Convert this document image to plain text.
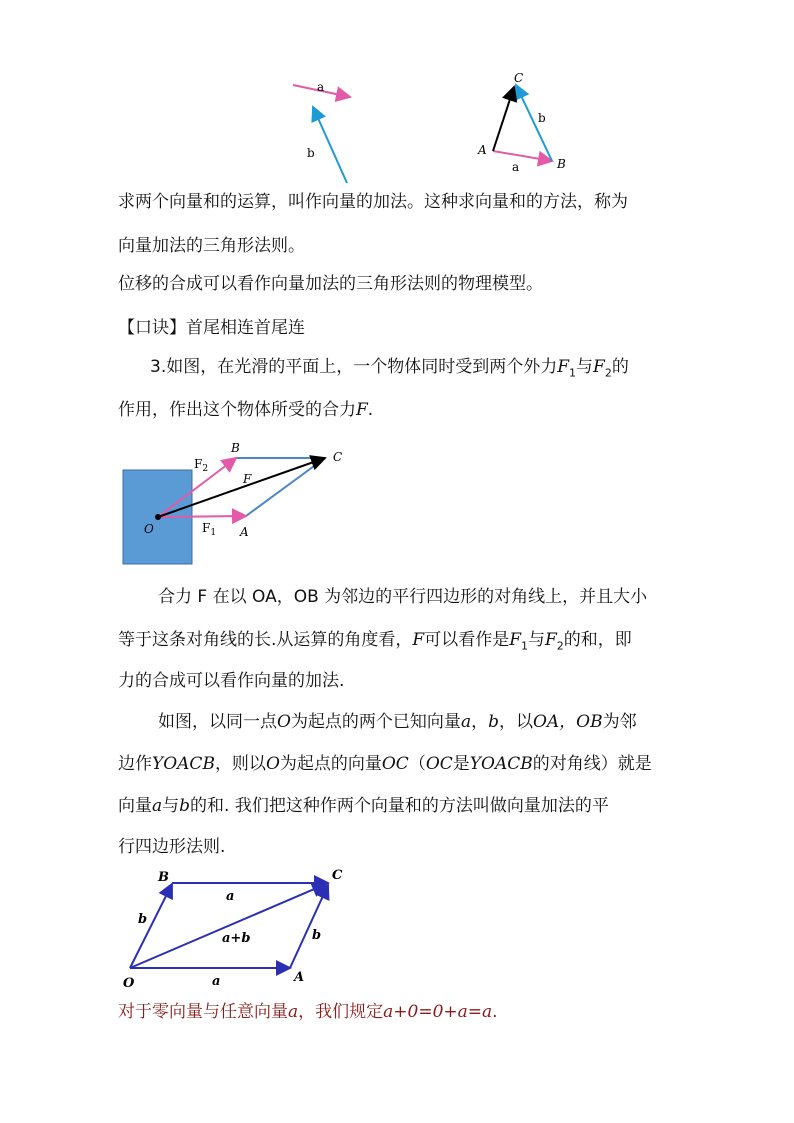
a
b	A
B
C
a
b
求两个向量和的运算，叫作向量的加法。这种求向量和的方法，称为
向量加法的三角形法则。
位移的合成可以看作向量加法的三角形法则的物理模型。
【口诀】首尾相连首尾连
3.如图，在光滑的平面上，一个物体同时受到两个外力$F_1$与$F_2$的
作用，作出这个物体所受的合力F.
O	A
B
C
F
$F_1$
$F_2$
合力 F 在以 OA，OB 为邻边的平行四边形的对角线上，并且大小
等于这条对角线的长.从运算的角度看，F可以看作是$F_1$与$F_2$的和，即
力的合成可以看作向量的加法.
如图，以同一点O为起点的两个已知向量a，b，以OA，OB为邻
边作YOACB，则以O为起点的向量OC（OC是YOACB的对角线）就是
向量a与b的和. 我们把这种作两个向量和的方法叫做向量加法的平
行四边形法则.
O	A
B	C
a
a
b
b
a+b
对于零向量与任意向量a，我们规定a+0=0+a=a.
